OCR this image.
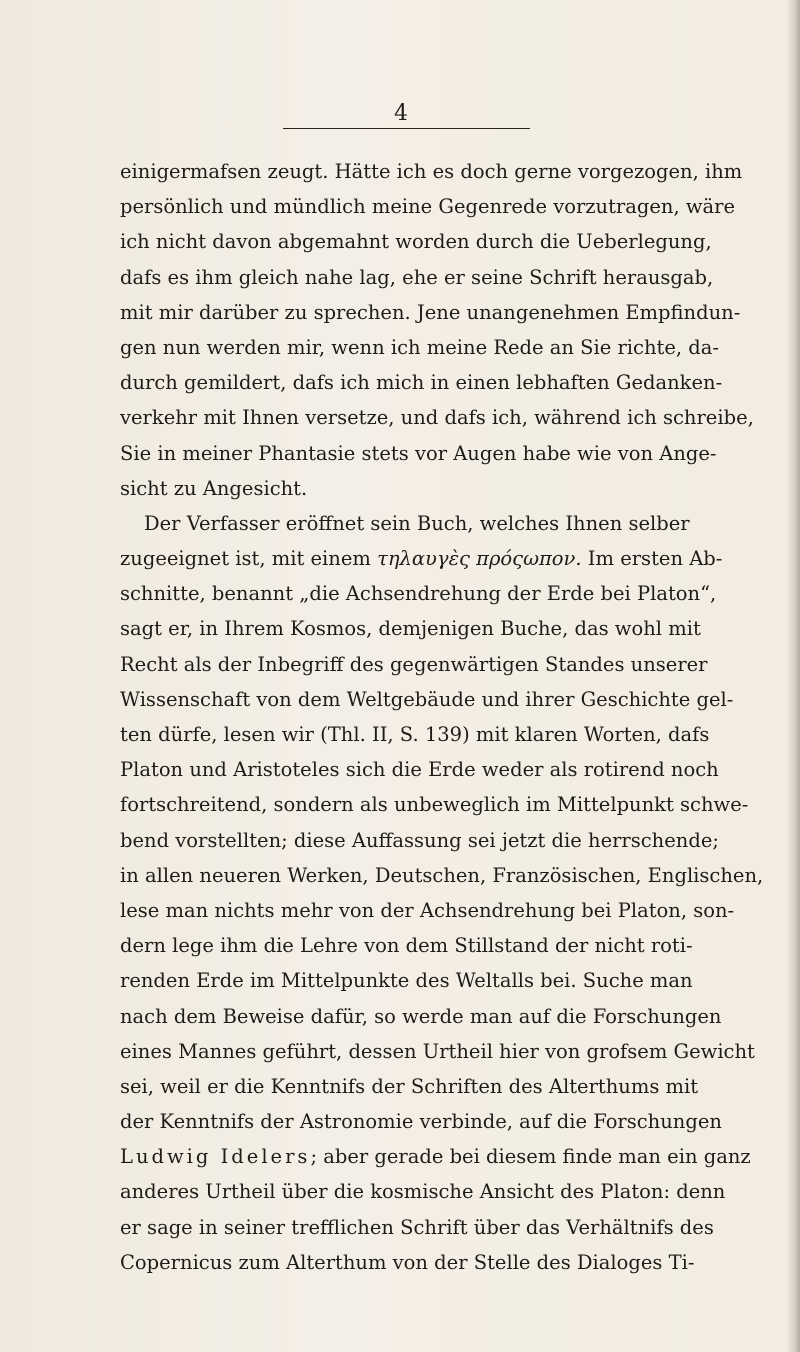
4
einigermafsen zeugt. Hätte ich es doch gerne vorgezogen, ihm
persönlich und mündlich meine Gegenrede vorzutragen, wäre
ich nicht davon abgemahnt worden durch die Ueberlegung,
dafs es ihm gleich nahe lag, ehe er seine Schrift herausgab,
mit mir darüber zu sprechen. Jene unangenehmen Empfindun-
gen nun werden mir, wenn ich meine Rede an Sie richte, da-
durch gemildert, dafs ich mich in einen lebhaften Gedanken-
verkehr mit Ihnen versetze, und dafs ich, während ich schreibe,
Sie in meiner Phantasie stets vor Augen habe wie von Ange-
sicht zu Angesicht.
Der Verfasser eröffnet sein Buch, welches Ihnen selber
zugeeignet ist, mit einem τηλαυγὲς πρόςωπον. Im ersten Ab-
schnitte, benannt „die Achsendrehung der Erde bei Platon“,
sagt er, in Ihrem Kosmos, demjenigen Buche, das wohl mit
Recht als der Inbegriff des gegenwärtigen Standes unserer
Wissenschaft von dem Weltgebäude und ihrer Geschichte gel-
ten dürfe, lesen wir (Thl. II, S. 139) mit klaren Worten, dafs
Platon und Aristoteles sich die Erde weder als rotirend noch
fortschreitend, sondern als unbeweglich im Mittelpunkt schwe-
bend vorstellten; diese Auffassung sei jetzt die herrschende;
in allen neueren Werken, Deutschen, Französischen, Englischen,
lese man nichts mehr von der Achsendrehung bei Platon, son-
dern lege ihm die Lehre von dem Stillstand der nicht roti-
renden Erde im Mittelpunkte des Weltalls bei. Suche man
nach dem Beweise dafür, so werde man auf die Forschungen
eines Mannes geführt, dessen Urtheil hier von grofsem Gewicht
sei, weil er die Kenntnifs der Schriften des Alterthums mit
der Kenntnifs der Astronomie verbinde, auf die Forschungen
Ludwig Idelers; aber gerade bei diesem finde man ein ganz
anderes Urtheil über die kosmische Ansicht des Platon: denn
er sage in seiner trefflichen Schrift über das Verhältnifs des
Copernicus zum Alterthum von der Stelle des Dialoges Ti-
